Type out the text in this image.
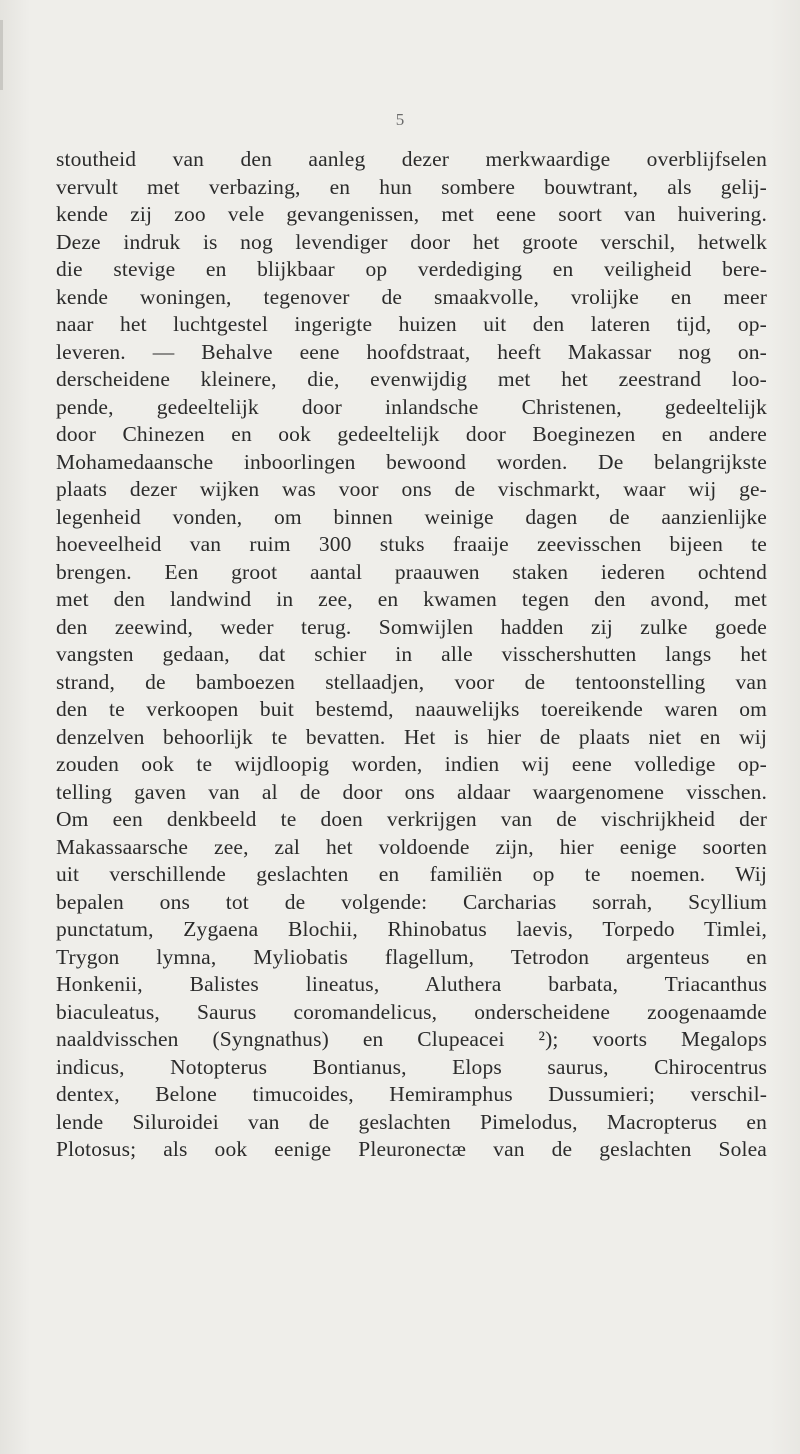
5
stoutheid van den aanleg dezer merkwaardige overblijfselen
vervult met verbazing, en hun sombere bouwtrant, als gelij-
kende zij zoo vele gevangenissen, met eene soort van huivering.
Deze indruk is nog levendiger door het groote verschil, hetwelk
die stevige en blijkbaar op verdediging en veiligheid bere-
kende woningen, tegenover de smaakvolle, vrolijke en meer
naar het luchtgestel ingerigte huizen uit den lateren tijd, op-
leveren. — Behalve eene hoofdstraat, heeft Makassar nog on-
derscheidene kleinere, die, evenwijdig met het zeestrand loo-
pende, gedeeltelijk door inlandsche Christenen, gedeeltelijk
door Chinezen en ook gedeeltelijk door Boeginezen en andere
Mohamedaansche inboorlingen bewoond worden. De belangrijkste
plaats dezer wijken was voor ons de vischmarkt, waar wij ge-
legenheid vonden, om binnen weinige dagen de aanzienlijke
hoeveelheid van ruim 300 stuks fraaije zeevisschen bijeen te
brengen. Een groot aantal praauwen staken iederen ochtend
met den landwind in zee, en kwamen tegen den avond, met
den zeewind, weder terug. Somwijlen hadden zij zulke goede
vangsten gedaan, dat schier in alle visschershutten langs het
strand, de bamboezen stellaadjen, voor de tentoonstelling van
den te verkoopen buit bestemd, naauwelijks toereikende waren om
denzelven behoorlijk te bevatten. Het is hier de plaats niet en wij
zouden ook te wijdloopig worden, indien wij eene volledige op-
telling gaven van al de door ons aldaar waargenomene visschen.
Om een denkbeeld te doen verkrijgen van de vischrijkheid der
Makassaarsche zee, zal het voldoende zijn, hier eenige soorten
uit verschillende geslachten en familiën op te noemen. Wij
bepalen ons tot de volgende: Carcharias sorrah, Scyllium
punctatum, Zygaena Blochii, Rhinobatus laevis, Torpedo Timlei,
Trygon lymna, Myliobatis flagellum, Tetrodon argenteus en
Honkenii, Balistes lineatus, Aluthera barbata, Triacanthus
biaculeatus, Saurus coromandelicus, onderscheidene zoogenaamde
naaldvisschen (Syngnathus) en Clupeacei ²); voorts Megalops
indicus, Notopterus Bontianus, Elops saurus, Chirocentrus
dentex, Belone timucoides, Hemiramphus Dussumieri; verschil-
lende Siluroidei van de geslachten Pimelodus, Macropterus en
Plotosus; als ook eenige Pleuronectæ van de geslachten Solea
